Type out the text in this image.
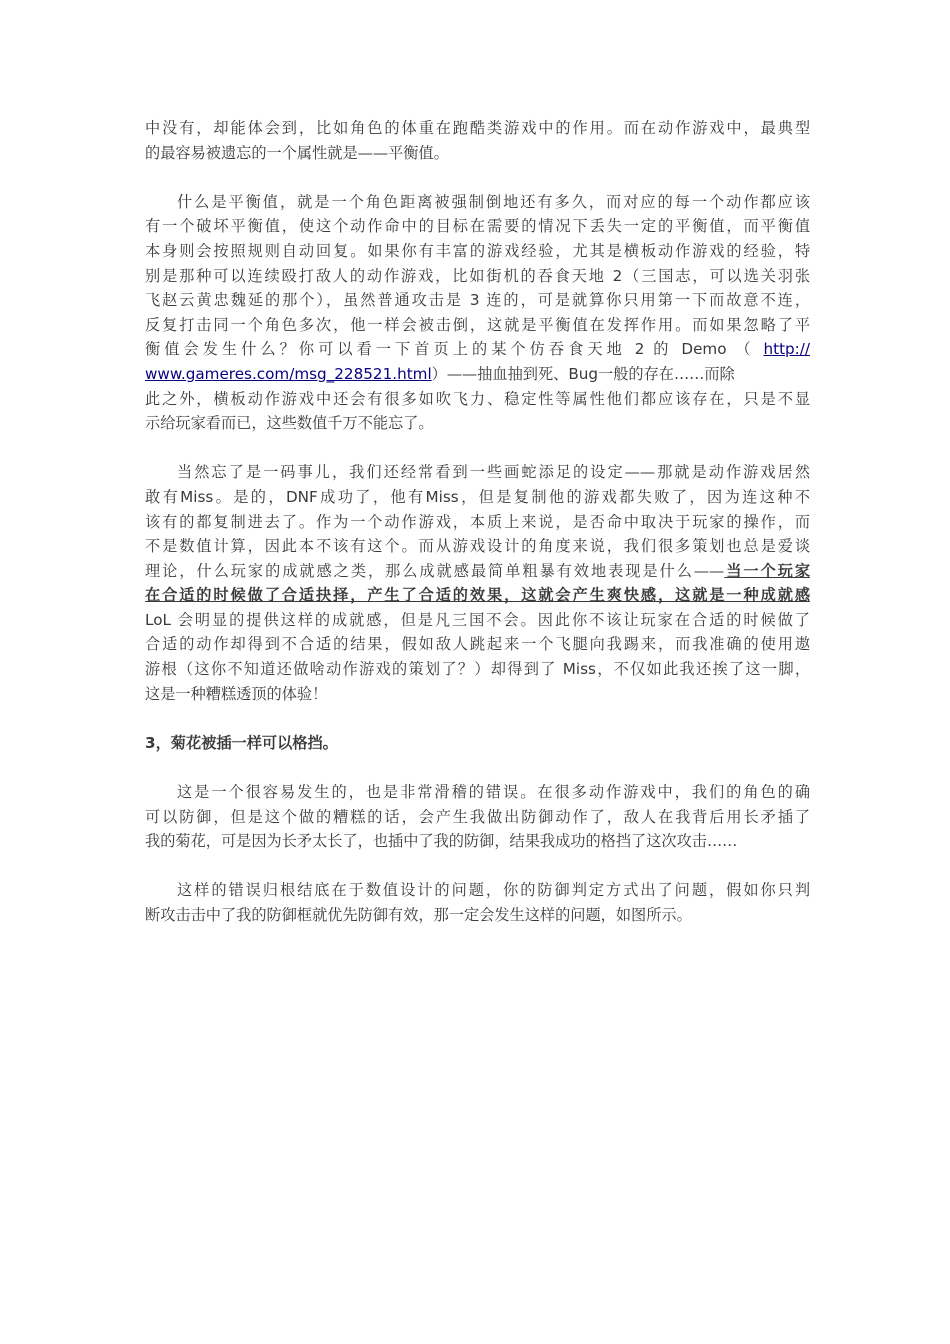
中没有，却能体会到，比如角色的体重在跑酷类游戏中的作用。而在动作游戏中，最典型
的最容易被遗忘的一个属性就是——平衡值。
什么是平衡值，就是一个角色距离被强制倒地还有多久，而对应的每一个动作都应该
有一个破坏平衡值，使这个动作命中的目标在需要的情况下丢失一定的平衡值，而平衡值
本身则会按照规则自动回复。如果你有丰富的游戏经验，尤其是横板动作游戏的经验，特
别是那种可以连续殴打敌人的动作游戏，比如街机的吞食天地 2（三国志，可以选关羽张
飞赵云黄忠魏延的那个），虽然普通攻击是 3 连的，可是就算你只用第一下而故意不连，
反复打击同一个角色多次，他一样会被击倒，这就是平衡值在发挥作用。而如果忽略了平
衡值会发生什么？你可以看一下首页上的某个仿吞食天地 2 的 Demo （ http://
www.gameres.com/msg_228521.html）——抽血抽到死、Bug一般的存在……而除
此之外，横板动作游戏中还会有很多如吹飞力、稳定性等属性他们都应该存在，只是不显
示给玩家看而已，这些数值千万不能忘了。
当然忘了是一码事儿，我们还经常看到一些画蛇添足的设定——那就是动作游戏居然
敢有Miss。是的，DNF成功了，他有Miss，但是复制他的游戏都失败了，因为连这种不
该有的都复制进去了。作为一个动作游戏，本质上来说，是否命中取决于玩家的操作，而
不是数值计算，因此本不该有这个。而从游戏设计的角度来说，我们很多策划也总是爱谈
理论，什么玩家的成就感之类，那么成就感最简单粗暴有效地表现是什么——当一个玩家
在合适的时候做了合适抉择，产生了合适的效果，这就会产生爽快感，这就是一种成就感
LoL 会明显的提供这样的成就感，但是凡三国不会。因此你不该让玩家在合适的时候做了
合适的动作却得到不合适的结果，假如敌人跳起来一个飞腿向我踢来，而我准确的使用遨
游根（这你不知道还做啥动作游戏的策划了？）却得到了 Miss，不仅如此我还挨了这一脚，
这是一种糟糕透顶的体验！
3，菊花被插一样可以格挡。
这是一个很容易发生的，也是非常滑稽的错误。在很多动作游戏中，我们的角色的确
可以防御，但是这个做的糟糕的话，会产生我做出防御动作了，敌人在我背后用长矛插了
我的菊花，可是因为长矛太长了，也插中了我的防御，结果我成功的格挡了这次攻击……
这样的错误归根结底在于数值设计的问题，你的防御判定方式出了问题，假如你只判
断攻击击中了我的防御框就优先防御有效，那一定会发生这样的问题，如图所示。
